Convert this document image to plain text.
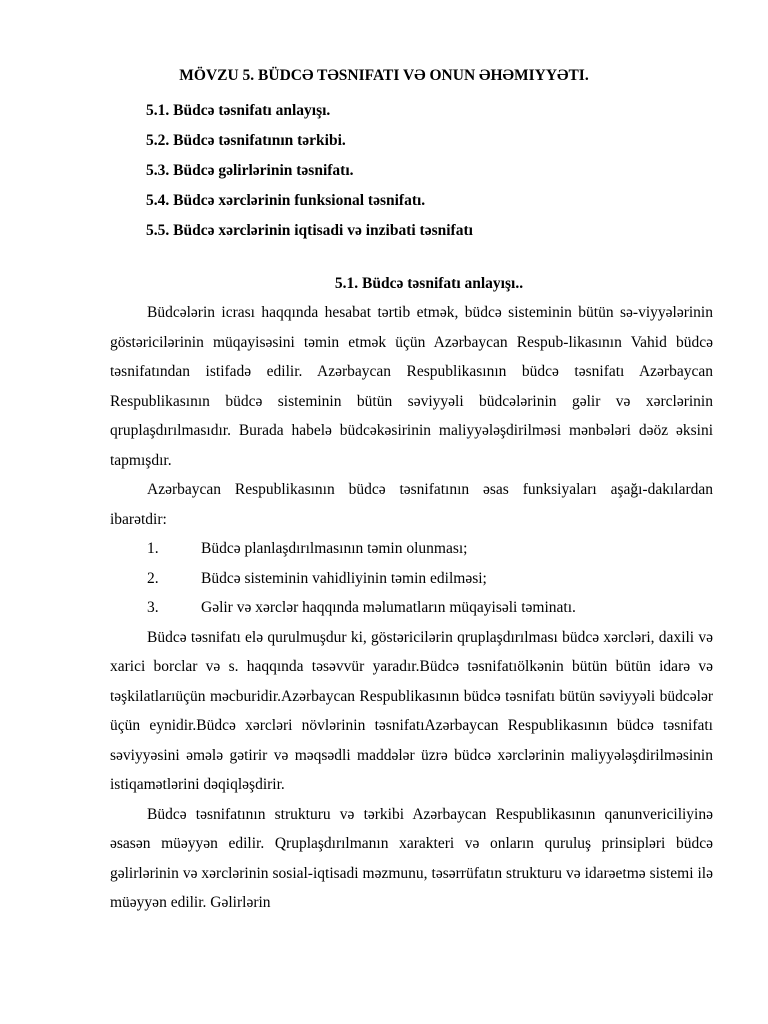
MÖVZU 5. BÜDCƏ TƏSNIFATI VƏ ONUN ƏHƏMIYYƏTI.
5.1. Büdcə təsnifatı anlayışı.
5.2. Büdcə təsnifatının tərkibi.
5.3. Büdcə gəlirlərinin təsnifatı.
5.4. Büdcə xərclərinin funksional təsnifatı.
5.5. Büdcə xərclərinin iqtisadi və inzibati təsnifatı
5.1. Büdcə təsnifatı anlayışı..

Büdcələrin icrası haqqında hesabat tərtib etmək, büdcə sisteminin bütün sə-viyyələrinin göstəricilərinin müqayisəsini təmin etmək üçün Azərbaycan Respub-likasının Vahid büdcə təsnifatından istifadə edilir. Azərbaycan Respublikasının büdcə təsnifatı Azərbaycan Respublikasının büdcə sisteminin bütün səviyyəli büdcələrinin gəlir və xərclərinin qruplaşdırılmasıdır. Burada habelə büdcəkəsirinin maliyyələşdirilməsi mənbələri dəöz əksini tapmışdır.

Azərbaycan Respublikasının büdcə təsnifatının əsas funksiyaları aşağı-dakılardan ibarətdir:

1.	Büdcə planlaşdırılmasının təmin olunması;
2.	Büdcə sisteminin vahidliyinin təmin edilməsi;
3.	Gəlir və xərclər haqqında məlumatların müqayisəli təminatı.

Büdcə təsnifatı elə qurulmuşdur ki, göstəricilərin qruplaşdırılması büdcə xərcləri, daxili və xarici borclar və s. haqqında təsəvvür yaradır.Büdcə təsnifatıölkənin bütün bütün idarə və təşkilatlarıüçün məcburidir.Azərbaycan Respublikasının büdcə təsnifatı bütün səviyyəli büdcələr üçün eynidir.Büdcə xərcləri növlərinin təsnifatıAzərbaycan Respublikasının büdcə təsnifatı səviyyəsini əmələ gətirir və məqsədli maddələr üzrə büdcə xərclərinin maliyyələşdirilməsinin istiqamətlərini dəqiqləşdirir.

Büdcə təsnifatının strukturu və tərkibi Azərbaycan Respublikasının qanunvericiliyinə əsasən müəyyən edilir. Qruplaşdırılmanın xarakteri və onların quruluş prinsipləri büdcə gəlirlərinin və xərclərinin sosial-iqtisadi məzmunu, təsərrüfatın strukturu və idarəetmə sistemi ilə müəyyən edilir. Gəlirlərin
